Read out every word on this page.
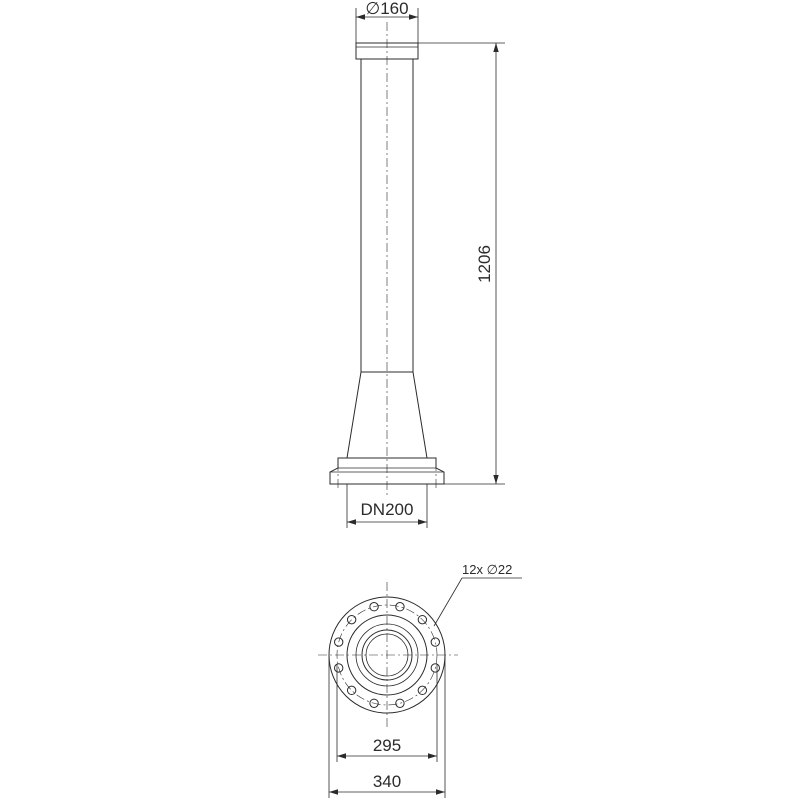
∅160
1206
DN200
12x ∅22
295
340
